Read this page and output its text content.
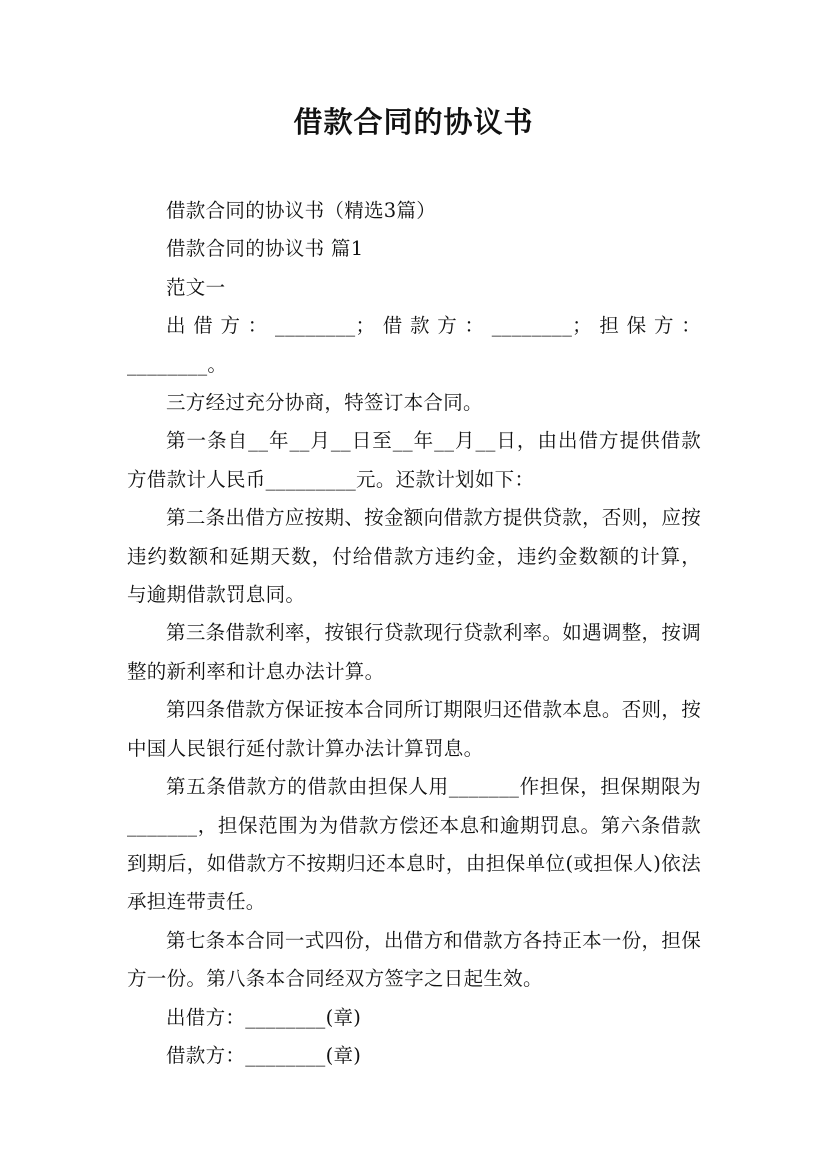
借款合同的协议书

借款合同的协议书（精选3篇）

借款合同的协议书 篇1

范文一

出借方：________；借款方：________；担保方：________。

三方经过充分协商，特签订本合同。

第一条自__年__月__日至__年__月__日，由出借方提供借款方借款计人民币_________元。还款计划如下：

第二条出借方应按期、按金额向借款方提供贷款，否则，应按违约数额和延期天数，付给借款方违约金，违约金数额的计算，与逾期借款罚息同。

第三条借款利率，按银行贷款现行贷款利率。如遇调整，按调整的新利率和计息办法计算。

第四条借款方保证按本合同所订期限归还借款本息。否则，按中国人民银行延付款计算办法计算罚息。

第五条借款方的借款由担保人用_______作担保，担保期限为_______，担保范围为为借款方偿还本息和逾期罚息。第六条借款到期后，如借款方不按期归还本息时，由担保单位(或担保人)依法承担连带责任。

第七条本合同一式四份，出借方和借款方各持正本一份，担保方一份。第八条本合同经双方签字之日起生效。

出借方：________(章)

借款方：________(章)
